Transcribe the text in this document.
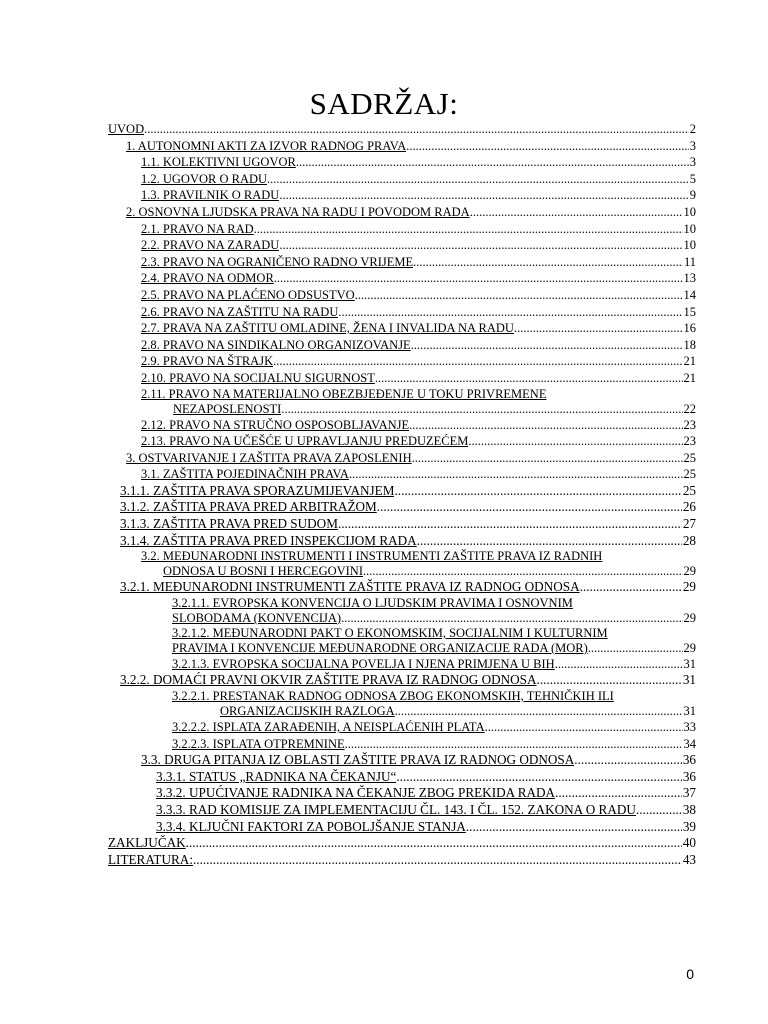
SADRŽAJ:
UVOD .....	2
1. AUTONOMNI AKTI ZA IZVOR RADNOG PRAVA .....	3
1.1. KOLEKTIVNI UGOVOR .....	3
1.2. UGOVOR O RADU .....	5
1.3. PRAVILNIK O RADU .....	9
2. OSNOVNA LJUDSKA PRAVA NA RADU I POVODOM RADA .....	10
2.1. PRAVO NA RAD .....	10
2.2. PRAVO NA ZARADU .....	10
2.3. PRAVO NA OGRANIČENO RADNO VRIJEME .....	11
2.4. PRAVO NA ODMOR .....	13
2.5. PRAVO NA PLAĆENO ODSUSTVO .....	14
2.6. PRAVO NA ZAŠTITU NA RADU .....	15
2.7. PRAVA NA ZAŠTITU OMLADINE, ŽENA I INVALIDA NA RADU .....	16
2.8. PRAVO NA SINDIKALNO ORGANIZOVANJE .....	18
2.9. PRAVO NA ŠTRAJK .....	21
2.10. PRAVO NA SOCIJALNU SIGURNOST .....	21
2.11. PRAVO NA MATERIJALNO OBEZBJEĐENJE U TOKU PRIVREMENE
NEZAPOSLENOSTI .....	22
2.12. PRAVO NA STRUČNO OSPOSOBLJAVANJE .....	23
2.13. PRAVO NA UČEŠĆE U UPRAVLJANJU PREDUZEĆEM .....	23
3. OSTVARIVANJE I ZAŠTITA PRAVA ZAPOSLENIH .....	25
3.1. ZAŠTITA POJEDINAČNIH PRAVA .....	25
3.1.1. ZAŠTITA PRAVA SPORAZUMIJEVANJEM .....	25
3.1.2. ZAŠTITA PRAVA PRED ARBITRAŽOM .....	26
3.1.3. ZAŠTITA PRAVA PRED SUDOM .....	27
3.1.4. ZAŠTITA PRAVA PRED INSPEKCIJOM RADA .....	28
3.2. MEĐUNARODNI INSTRUMENTI I INSTRUMENTI ZAŠTITE PRAVA IZ RADNIH
ODNOSA U BOSNI I HERCEGOVINI .....	29
3.2.1. MEĐUNARODNI INSTRUMENTI ZAŠTITE PRAVA IZ RADNOG ODNOSA .....	29
3.2.1.1. EVROPSKA KONVENCIJA O LJUDSKIM PRAVIMA I OSNOVNIM
SLOBODAMA (KONVENCIJA) .....	29
3.2.1.2. MEĐUNARODNI PAKT O EKONOMSKIM, SOCIJALNIM I KULTURNIM
PRAVIMA I KONVENCIJE MEĐUNARODNE ORGANIZACIJE RADA (MOR) .....	29
3.2.1.3. EVROPSKA SOCIJALNA POVELJA I NJENA PRIMJENA U BIH .....	31
3.2.2. DOMAĆI PRAVNI OKVIR ZAŠTITE PRAVA IZ RADNOG ODNOSA .....	31
3.2.2.1. PRESTANAK RADNOG ODNOSA ZBOG EKONOMSKIH, TEHNIČKIH ILI
ORGANIZACIJSKIH RAZLOGA .....	31
3.2.2.2. ISPLATA ZARAĐENIH, A NEISPLAĆENIH PLATA .....	33
3.2.2.3. ISPLATA OTPREMNINE .....	34
3.3. DRUGA PITANJA IZ OBLASTI ZAŠTITE PRAVA IZ RADNOG ODNOSA .....	36
3.3.1. STATUS „RADNIKA NA ČEKANJU“ .....	36
3.3.2. UPUĆIVANJE RADNIKA NA ČEKANJE ZBOG PREKIDA RADA .....	37
3.3.3. RAD KOMISIJE ZA IMPLEMENTACIJU ČL. 143. I ČL. 152. ZAKONA O RADU .....	38
3.3.4. KLJUČNI FAKTORI ZA POBOLJŠANJE STANJA .....	39
ZAKLJUČAK .....	40
LITERATURA: .....	43
0
